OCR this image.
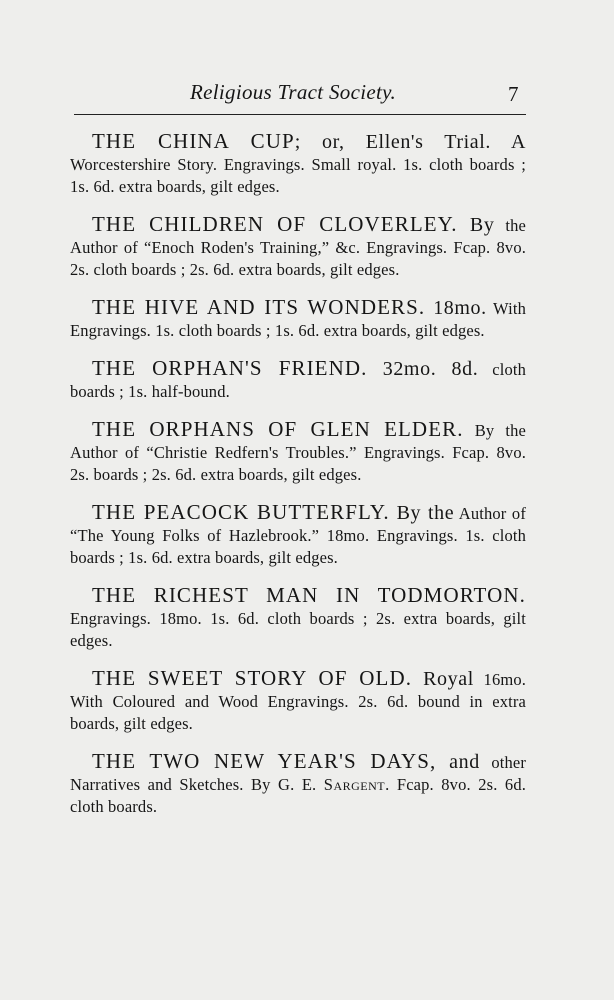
Religious Tract Society.	7
THE CHINA CUP; or, Ellen's Trial. A Worcestershire Story. Engravings. Small royal. 1s. cloth boards ; 1s. 6d. extra boards, gilt edges.
THE CHILDREN OF CLOVERLEY. By the Author of “Enoch Roden's Training,” &c. Engravings. Fcap. 8vo. 2s. cloth boards ; 2s. 6d. extra boards, gilt edges.
THE HIVE AND ITS WONDERS. 18mo. With Engravings. 1s. cloth boards ; 1s. 6d. extra boards, gilt edges.
THE ORPHAN'S FRIEND. 32mo. 8d. cloth boards ; 1s. half-bound.
THE ORPHANS OF GLEN ELDER. By the Author of “Christie Redfern's Troubles.” Engravings. Fcap. 8vo. 2s. boards ; 2s. 6d. extra boards, gilt edges.
THE PEACOCK BUTTERFLY. By the Author of “The Young Folks of Hazlebrook.” 18mo. Engravings. 1s. cloth boards ; 1s. 6d. extra boards, gilt edges.
THE RICHEST MAN IN TODMORTON. Engravings. 18mo. 1s. 6d. cloth boards ; 2s. extra boards, gilt edges.
THE SWEET STORY OF OLD. Royal 16mo. With Coloured and Wood Engravings. 2s. 6d. bound in extra boards, gilt edges.
THE TWO NEW YEAR'S DAYS, and other Narratives and Sketches. By G. E. Sargent. Fcap. 8vo. 2s. 6d. cloth boards.
